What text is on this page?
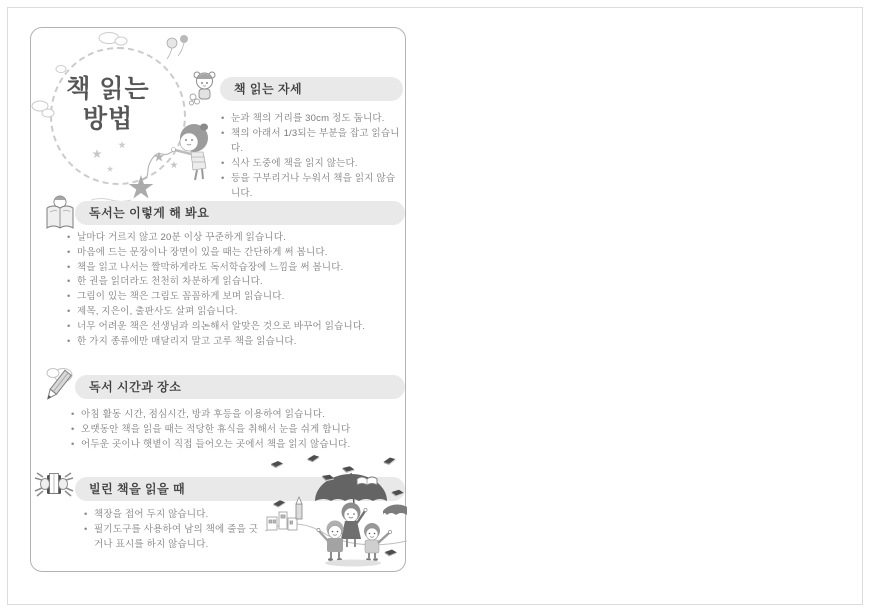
책 읽는
방법
책 읽는 자세
• 눈과 책의 거리를 30cm 정도 둡니다.
• 책의 아래서 1/3되는 부분을 잡고 읽습니다.
• 식사 도중에 책을 읽지 않는다.
• 등을 구부리거나 누워서 책을 읽지 않습니다.
독서는 이렇게 해 봐요
• 날마다 거르지 않고 20분 이상 꾸준하게 읽습니다.
• 마음에 드는 문장이나 장면이 있을 때는 간단하게 써 봅니다.
• 책을 읽고 나서는 짤막하게라도 독서학습장에 느낌을 써 봅니다.
• 한 권을 읽더라도 천천히 차분하게 읽습니다.
• 그림이 있는 책은 그림도 꼼꼼하게 보며 읽습니다.
• 제목, 지은이, 출판사도 살펴 읽습니다.
• 너무 어려운 책은 선생님과 의논해서 알맞은 것으로 바꾸어 읽습니다.
• 한 가지 종류에만 매달리지 말고 고루 책을 읽습니다.
독서 시간과 장소
• 아침 활동 시간, 점심시간, 방과 후등을 이용하여 읽습니다.
• 오랫동안 책을 읽을 때는 적당한 휴식을 취해서 눈을 쉬게 합니다
• 어두운 곳이나 햇볕이 직접 들어오는 곳에서 책을 읽지 않습니다.
빌린 책을 읽을 때
• 책장을 접어 두지 않습니다.
• 필기도구를 사용하여 남의 책에 줄을 긋거나 표시를 하지 않습니다.
